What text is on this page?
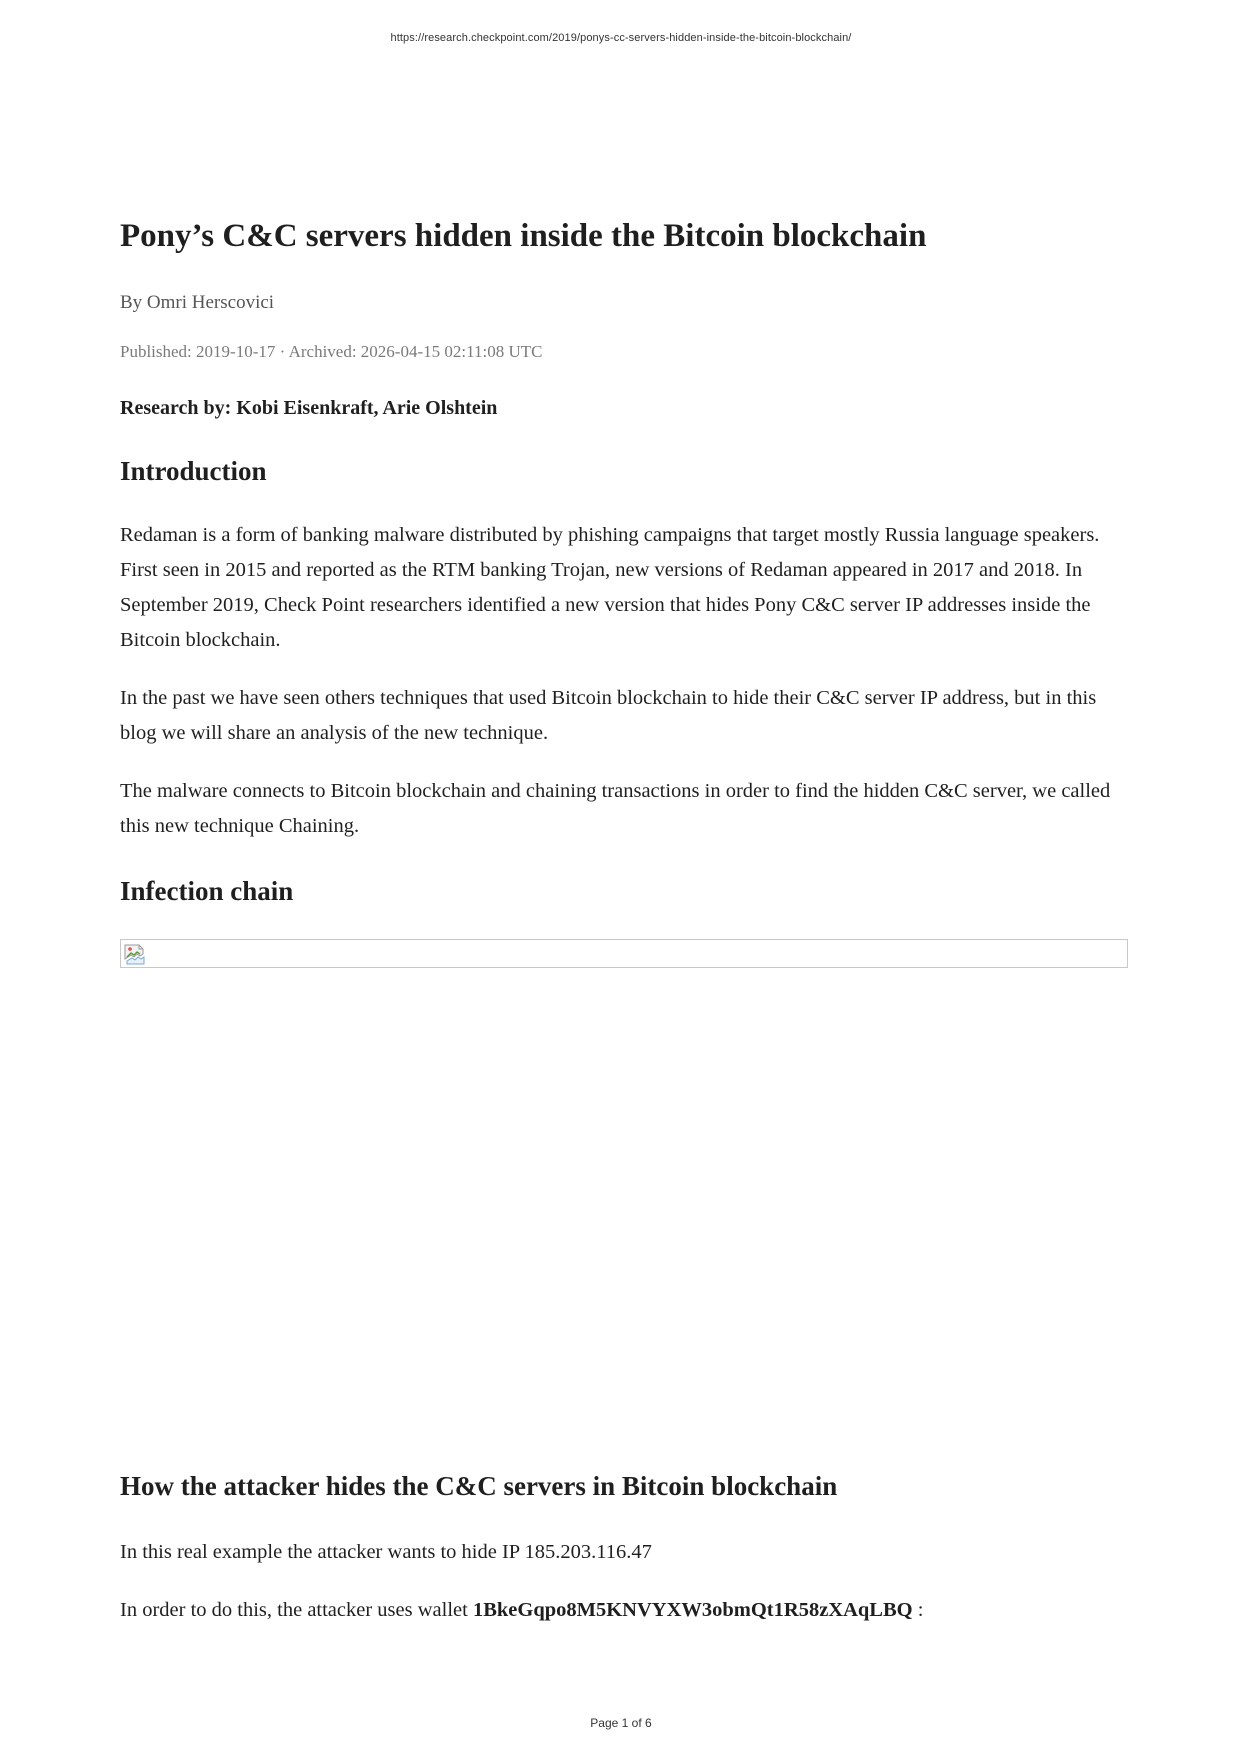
https://research.checkpoint.com/2019/ponys-cc-servers-hidden-inside-the-bitcoin-blockchain/
Pony’s C&C servers hidden inside the Bitcoin blockchain

By Omri Herscovici

Published: 2019-10-17 · Archived: 2026-04-15 02:11:08 UTC

Research by: Kobi Eisenkraft, Arie Olshtein

Introduction

Redaman is a form of banking malware distributed by phishing campaigns that target mostly Russia language speakers. First seen in 2015 and reported as the RTM banking Trojan, new versions of Redaman appeared in 2017 and 2018. In September 2019, Check Point researchers identified a new version that hides Pony C&C server IP addresses inside the Bitcoin blockchain.

In the past we have seen others techniques that used Bitcoin blockchain to hide their C&C server IP address, but in this blog we will share an analysis of the new technique.

The malware connects to Bitcoin blockchain and chaining transactions in order to find the hidden C&C server, we called this new technique Chaining.

Infection chain
How the attacker hides the C&C servers in Bitcoin blockchain

In this real example the attacker wants to hide IP 185.203.116.47

In order to do this, the attacker uses wallet 1BkeGqpo8M5KNVYXW3obmQt1R58zXAqLBQ :

Page 1 of 6
